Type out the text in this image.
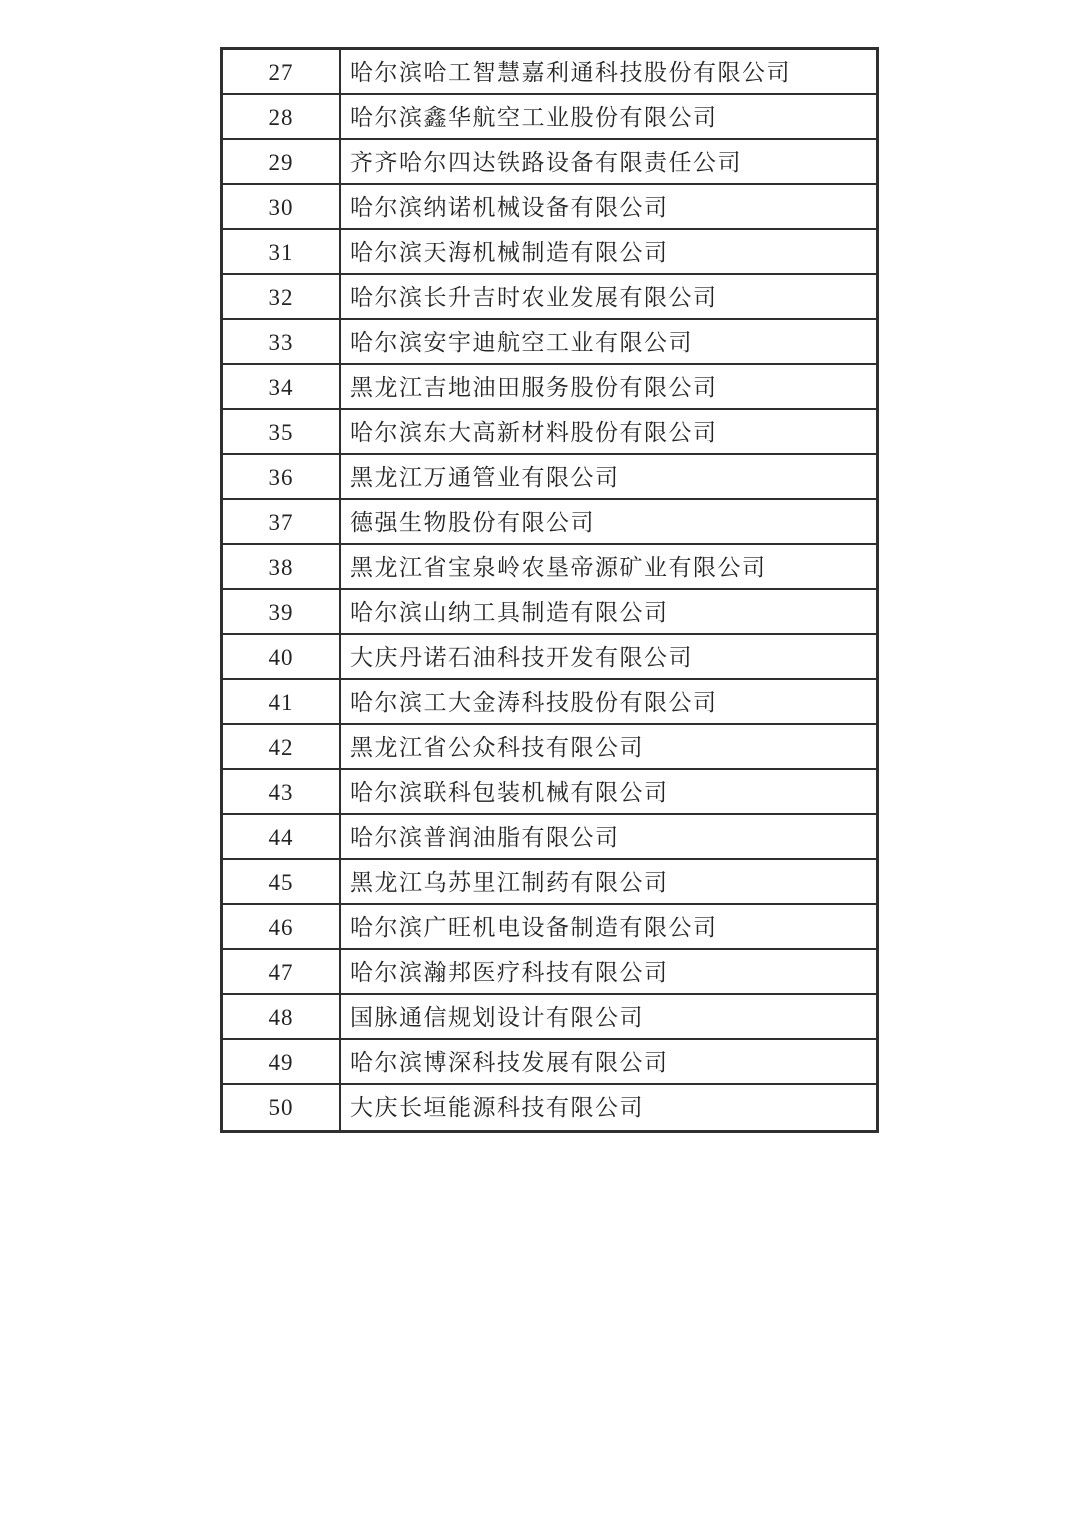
27	哈尔滨哈工智慧嘉利通科技股份有限公司
28	哈尔滨鑫华航空工业股份有限公司
29	齐齐哈尔四达铁路设备有限责任公司
30	哈尔滨纳诺机械设备有限公司
31	哈尔滨天海机械制造有限公司
32	哈尔滨长升吉时农业发展有限公司
33	哈尔滨安宇迪航空工业有限公司
34	黑龙江吉地油田服务股份有限公司
35	哈尔滨东大高新材料股份有限公司
36	黑龙江万通管业有限公司
37	德强生物股份有限公司
38	黑龙江省宝泉岭农垦帝源矿业有限公司
39	哈尔滨山纳工具制造有限公司
40	大庆丹诺石油科技开发有限公司
41	哈尔滨工大金涛科技股份有限公司
42	黑龙江省公众科技有限公司
43	哈尔滨联科包装机械有限公司
44	哈尔滨普润油脂有限公司
45	黑龙江乌苏里江制药有限公司
46	哈尔滨广旺机电设备制造有限公司
47	哈尔滨瀚邦医疗科技有限公司
48	国脉通信规划设计有限公司
49	哈尔滨博深科技发展有限公司
50	大庆长垣能源科技有限公司
